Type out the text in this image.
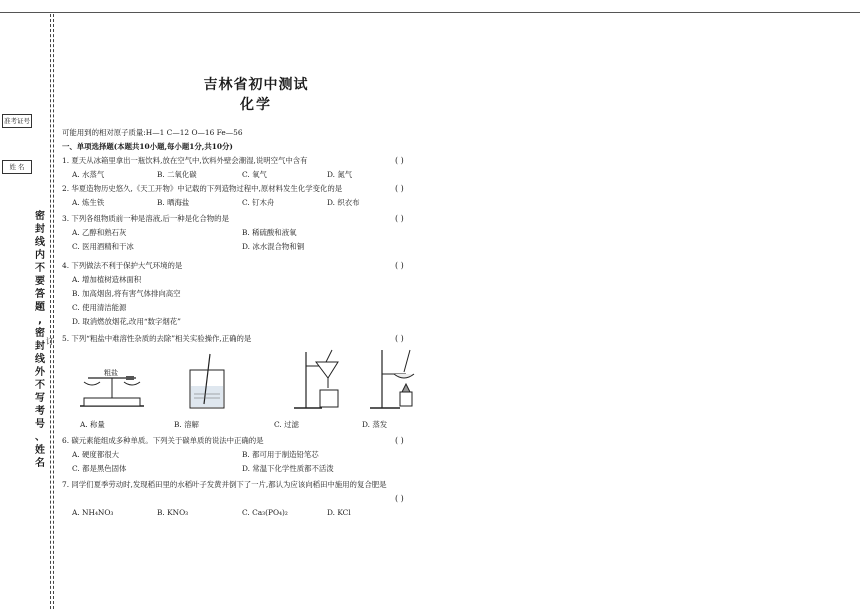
准考证号
姓 名
密
封
线
内
不
要
答
题
,
密
封
线
外
不
写
考
号
、
姓
名
订
吉林省初中测试
化学
可能用到的相对原子质量:H—1 C—12 O—16 Fe—56
一、单项选择题(本题共10小题,每小题1分,共10分)
1. 夏天从冰箱里拿出一瓶饮料,放在空气中,饮料外壁会潮湿,说明空气中含有	( )
A. 水蒸气	B. 二氧化碳	C. 氧气	D. 氮气
2. 华夏造物历史悠久,《天工开物》中记载的下列造物过程中,原材料发生化学变化的是	( )
A. 炼生铁	B. 晒海盐	C. 钉木舟	D. 织衣布
3. 下列各组物质前一种是溶液,后一种是化合物的是	( )
A. 乙醇和熟石灰	B. 稀硫酸和液氧
C. 医用酒精和干冰	D. 冰水混合物和铜
4. 下列做法不利于保护大气环境的是	( )
A. 增加植树造林面积
B. 加高烟囱,将有害气体排向高空
C. 使用清洁能源
D. 取消燃放烟花,改用“数字烟花”
5. 下列“粗盐中难溶性杂质的去除”相关实验操作,正确的是	( )
粗盐
A. 称量	B. 溶解	C. 过滤	D. 蒸发
6. 碳元素能组成多种单质。下列关于碳单质的说法中正确的是	( )
A. 硬度都很大	B. 都可用于制造铅笔芯
C. 都是黑色固体	D. 常温下化学性质都不活泼
7. 同学们夏季劳动时,发现稻田里的水稻叶子发黄并倒下了一片,都认为应该向稻田中施用的复合肥是
( )
A. NH₄NO₃	B. KNO₃	C. Ca₃(PO₄)₂	D. KCl
